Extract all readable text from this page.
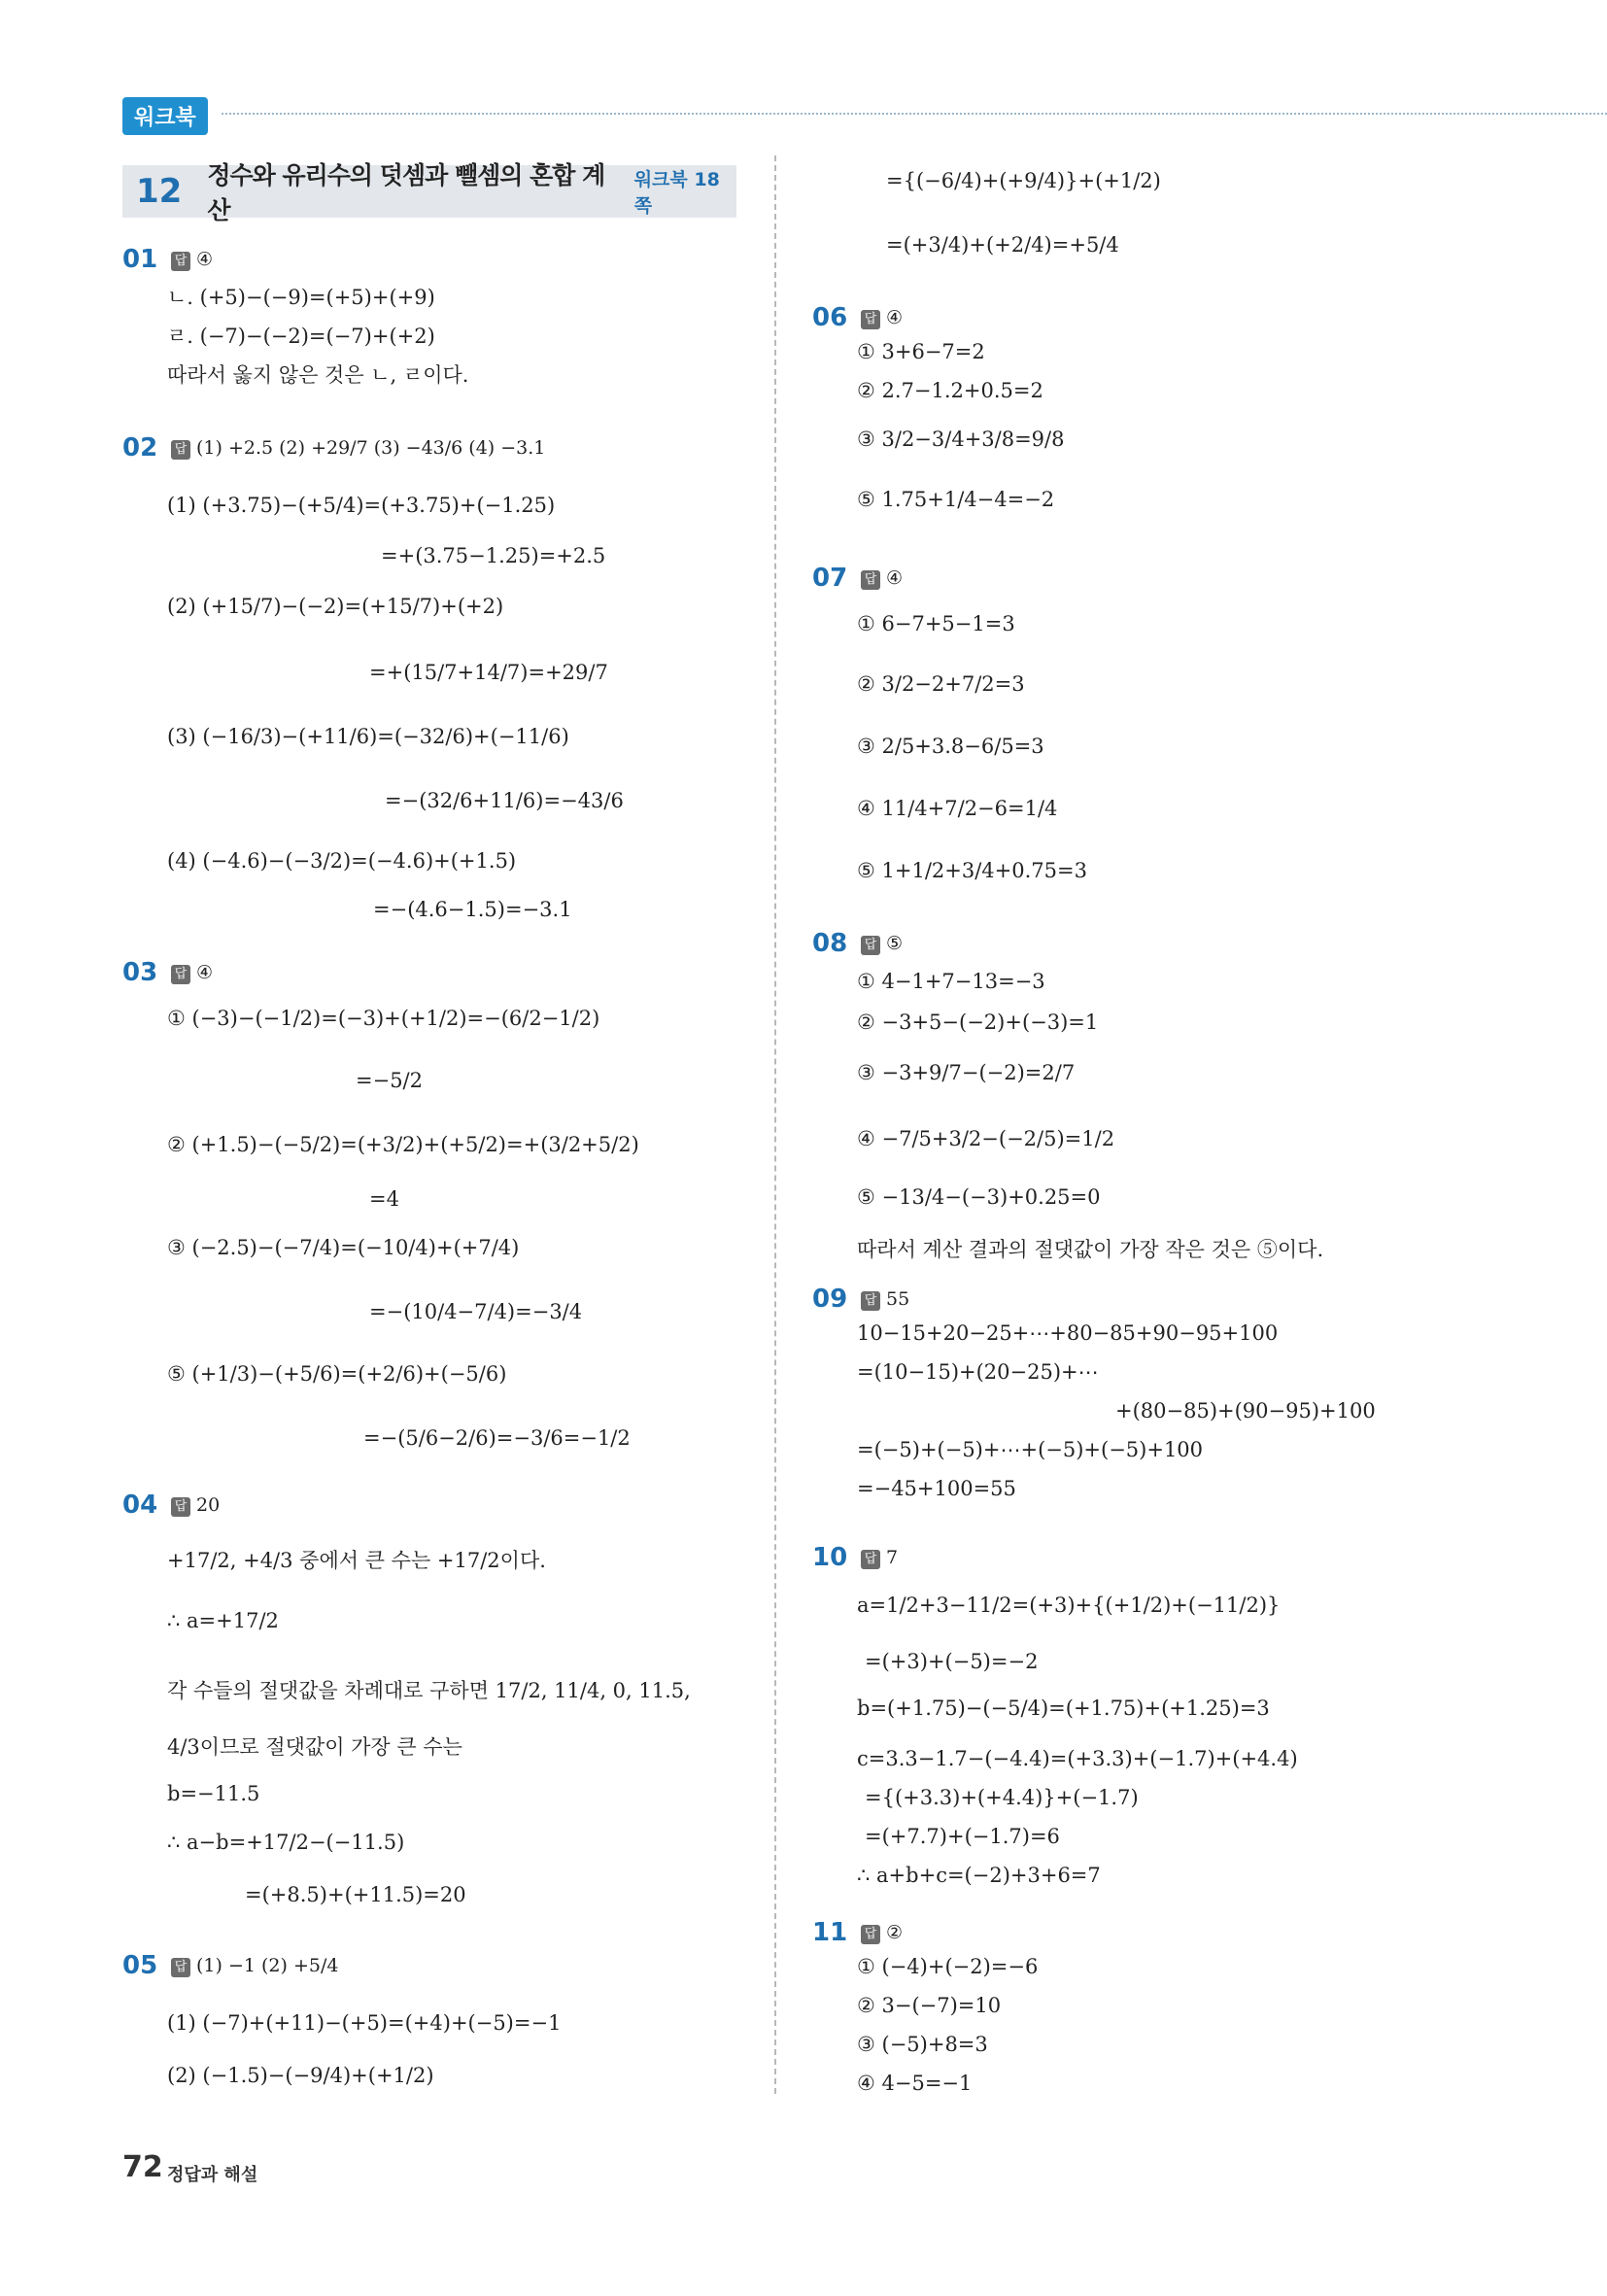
워크북
12	정수와 유리수의 덧셈과 뺄셈의 혼합 계산
워크북 18쪽
01 답 ④
ㄴ. (+5)−(−9)=(+5)+(+9)
ㄹ. (−7)−(−2)=(−7)+(+2)
따라서 옳지 않은 것은 ㄴ, ㄹ이다.
02 답 (1) +2.5 (2) +29/7 (3) −43/6 (4) −3.1
(1) (+3.75)−(+5/4)=(+3.75)+(−1.25)
=+(3.75−1.25)=+2.5
(2) (+15/7)−(−2)=(+15/7)+(+2)
=+(15/7+14/7)=+29/7
(3) (−16/3)−(+11/6)=(−32/6)+(−11/6)
=−(32/6+11/6)=−43/6
(4) (−4.6)−(−3/2)=(−4.6)+(+1.5)
=−(4.6−1.5)=−3.1
03 답 ④
① (−3)−(−1/2)=(−3)+(+1/2)=−(6/2−1/2)
=−5/2
② (+1.5)−(−5/2)=(+3/2)+(+5/2)=+(3/2+5/2)
=4
③ (−2.5)−(−7/4)=(−10/4)+(+7/4)
=−(10/4−7/4)=−3/4
⑤ (+1/3)−(+5/6)=(+2/6)+(−5/6)
=−(5/6−2/6)=−3/6=−1/2
04 답 20
+17/2, +4/3 중에서 큰 수는 +17/2이다.
∴ a=+17/2
각 수들의 절댓값을 차례대로 구하면 17/2, 11/4, 0, 11.5,
4/3이므로 절댓값이 가장 큰 수는
b=−11.5
∴ a−b=+17/2−(−11.5)
=(+8.5)+(+11.5)=20
05 답 (1) −1 (2) +5/4
(1) (−7)+(+11)−(+5)=(+4)+(−5)=−1
(2) (−1.5)−(−9/4)+(+1/2)
={(−6/4)+(+9/4)}+(+1/2)
=(+3/4)+(+2/4)=+5/4
06 답 ④
① 3+6−7=2
② 2.7−1.2+0.5=2
③ 3/2−3/4+3/8=9/8
⑤ 1.75+1/4−4=−2
07 답 ④
① 6−7+5−1=3
② 3/2−2+7/2=3
③ 2/5+3.8−6/5=3
④ 11/4+7/2−6=1/4
⑤ 1+1/2+3/4+0.75=3
08 답 ⑤
① 4−1+7−13=−3
② −3+5−(−2)+(−3)=1
③ −3+9/7−(−2)=2/7
④ −7/5+3/2−(−2/5)=1/2
⑤ −13/4−(−3)+0.25=0
따라서 계산 결과의 절댓값이 가장 작은 것은 ⑤이다.
09 답 55
10−15+20−25+⋯+80−85+90−95+100
=(10−15)+(20−25)+⋯
+(80−85)+(90−95)+100
=(−5)+(−5)+⋯+(−5)+(−5)+100
=−45+100=55
10 답 7
a=1/2+3−11/2=(+3)+{(+1/2)+(−11/2)}
=(+3)+(−5)=−2
b=(+1.75)−(−5/4)=(+1.75)+(+1.25)=3
c=3.3−1.7−(−4.4)=(+3.3)+(−1.7)+(+4.4)
={(+3.3)+(+4.4)}+(−1.7)
=(+7.7)+(−1.7)=6
∴ a+b+c=(−2)+3+6=7
11 답 ②
① (−4)+(−2)=−6
② 3−(−7)=10
③ (−5)+8=3
④ 4−5=−1
72 정답과 해설
